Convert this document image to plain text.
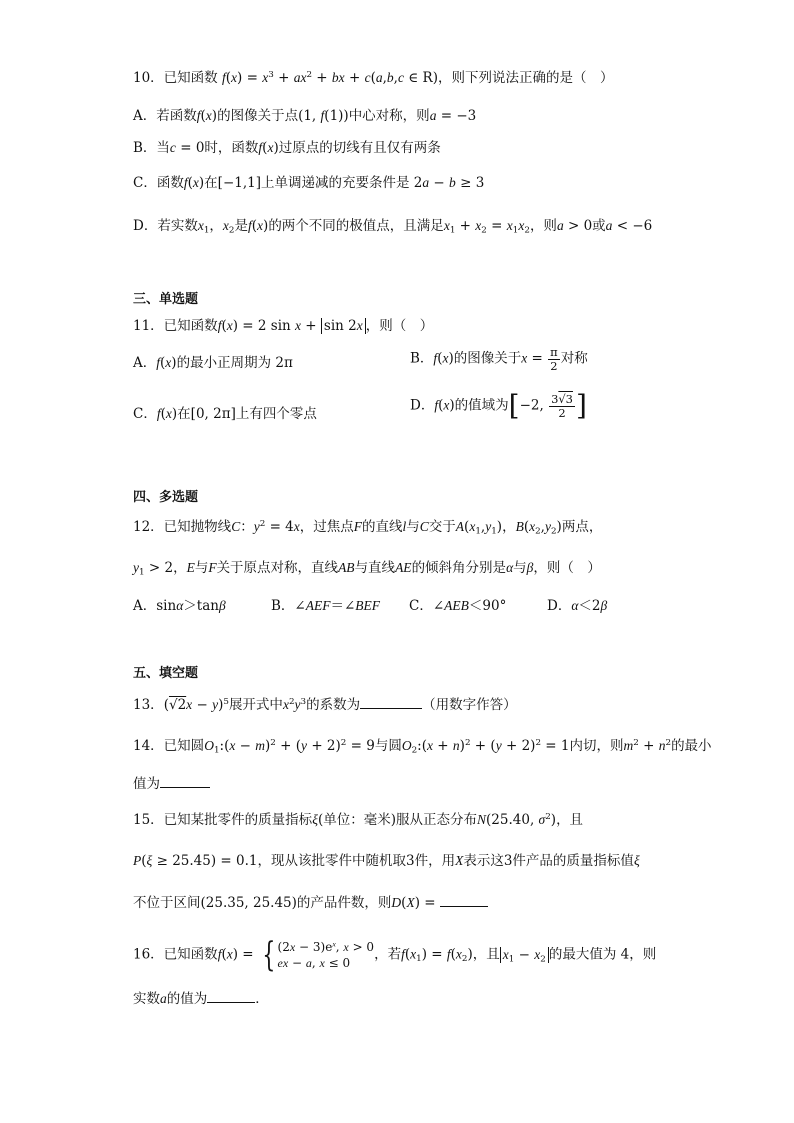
10．已知函数 $f(x) = x^3 + ax^2$ + bx + c(a,b,c ∈ R)，则下列说法正确的是（　）
A．若函数f(x)的图像关于点(1, f(1))中心对称，则a = −3
B．当c = 0时，函数f(x)过原点的切线有且仅有两条
C．函数f(x)在[−1,1]上单调递减的充要条件是 2a − b ≥ 3
D．若实数$x_1$，$x_2$是f(x)的两个不同的极值点，且满足$x_1 + x_2 = x_1x_2$，则a > 0或a < −6
三、单选题
11．已知函数f(x) = 2 sin x + sin 2x ，则（　）
A．f(x)的最小正周期为 2π	B．f(x)的图像关于$x = \frac{\pi}{2}$ 对称
C．f(x)在[0, 2π]上有四个零点
D．f(x)的值域为[−2, $\frac{3√3}{2}$ ]
四、多选题
12．已知抛物线C：$y^2 = 4x$，过焦点F的直线l与C交于$A(x_1,y_1)$，$B(x_2,y_2)$两点，
$y_1 > 2$，E与F关于原点对称，直线AB与直线AE的倾斜角分别是α与β，则（　）
A．sinα＞tanβ	B．∠AEF＝∠BEF C．∠AEB＜90°	D．α＜2β
五、填空题
13．$(√2x - y)^5$展开式中$x^2y^3$的系数为	（用数字作答）
14．已知圆$O_1:(x - m)^2 + (y + 2)^2 = 9$与圆$O_2:(x + n)^2 + (y + 2)^2 = 1$内切，则$m^2 + n^2$的最小
值为
15．已知某批零件的质量指标ξ(单位：毫米)服从正态分布N(25.40, $\sigma^2$)，且
P(ξ ≥ 25.45) = 0.1，现从该批零件中随机取3件，用X表示这3件产品的质量指标值ξ
不位于区间(25.35, 25.45)的产品件数，则D(X) =
16．已知函数f(x) = { $(2x - 3)e^x$, x > 0
ex − a, x ≤ 0
，若$f(x_1) = f(x_2)$，且 $x_1 - x_2$ 的最大值为 4，则
实数a的值为	．
